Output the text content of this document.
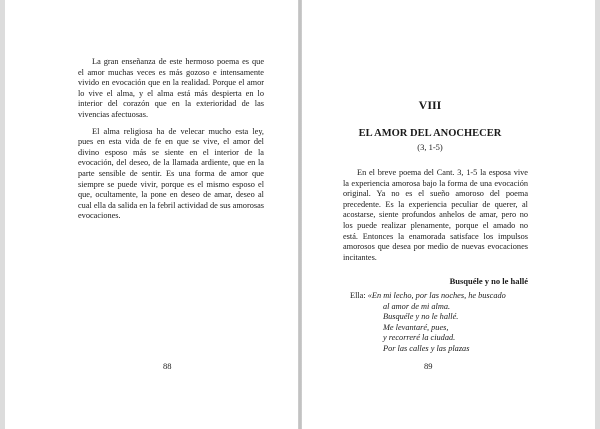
La gran enseñanza de este hermoso poema es que el amor muchas veces es más gozoso e intensamente vivido en evocación que en la realidad. Porque el amor lo vive el alma, y el alma está más despierta en lo interior del corazón que en la exterioridad de las vivencias afectuosas.

El alma religiosa ha de velecar mucho esta ley, pues en esta vida de fe en que se vive, el amor del divino esposo más se siente en el interior de la evocación, del deseo, de la llamada ardiente, que en la parte sensible de sentir. Es una forma de amor que siempre se puede vivir, porque es el mismo esposo el que, ocultamente, la pone en deseo de amar, deseo al cual ella da salida en la febril actividad de sus amorosas evocaciones.

88
VIII
EL AMOR DEL ANOCHECER
(3, 1-5)

En el breve poema del Cant. 3, 1-5 la esposa vive la experiencia amorosa bajo la forma de una evocación original. Ya no es el sueño amoroso del poema precedente. Es la experiencia peculiar de querer, al acostarse, siente profundos anhelos de amar, pero no los puede realizar plenamente, porque el amado no está. Entonces la enamorada satisface los impulsos amorosos que desea por medio de nuevas evocaciones incitantes.

Busquéle y no le hallé
Ella: «En mi lecho, por las noches, he buscado
al amor de mi alma.
Busquéle y no le hallé.
Me levantaré, pues,
y recorreré la ciudad.
Por las calles y las plazas
89
